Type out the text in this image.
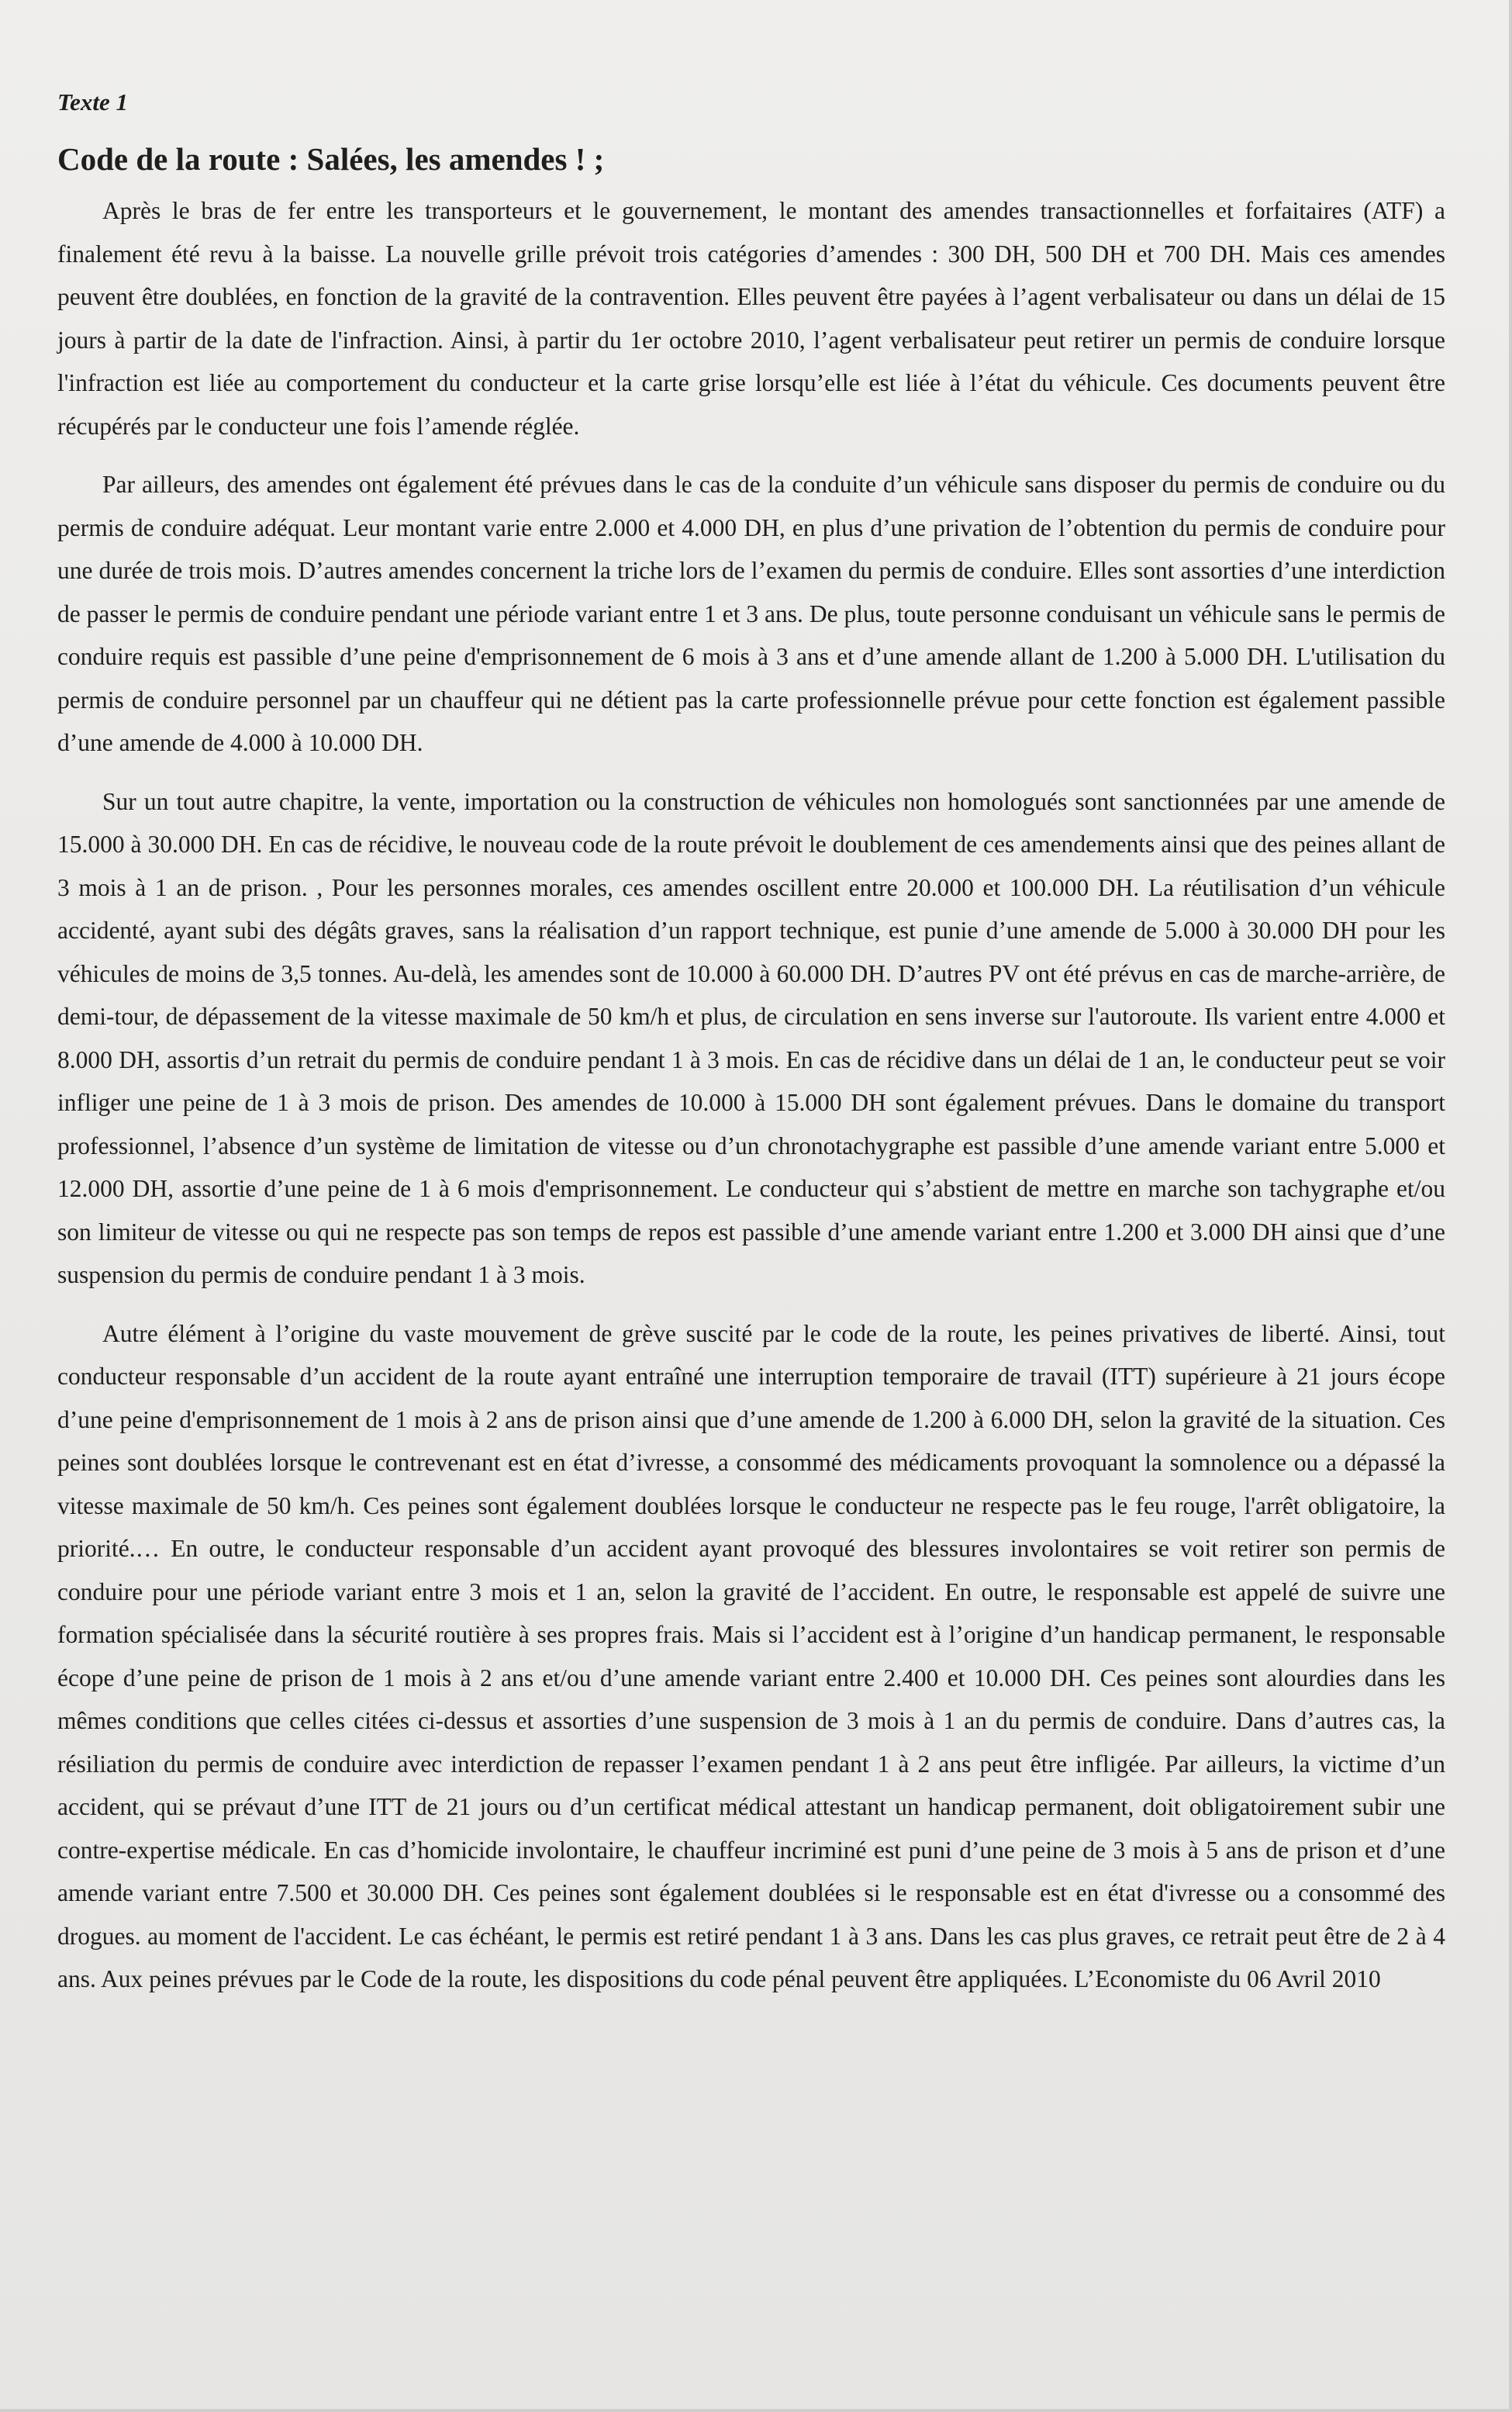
Texte 1
Code de la route : Salées, les amendes ! ;

Après le bras de fer entre les transporteurs et le gouvernement, le montant des amendes transactionnelles et forfaitaires (ATF) a finalement été revu à la baisse. La nouvelle grille prévoit trois catégories d’amendes : 300 DH, 500 DH et 700 DH. Mais ces amendes peuvent être doublées, en fonction de la gravité de la contravention. Elles peuvent être payées à l’agent verbalisateur ou dans un délai de 15 jours à partir de la date de l'infraction. Ainsi, à partir du 1er octobre 2010, l’agent verbalisateur peut retirer un permis de conduire lorsque l'infraction est liée au comportement du conducteur et la carte grise lorsqu’elle est liée à l’état du véhicule. Ces documents peuvent être récupérés par le conducteur une fois l’amende réglée.

Par ailleurs, des amendes ont également été prévues dans le cas de la conduite d’un véhicule sans disposer du permis de conduire ou du permis de conduire adéquat. Leur montant varie entre 2.000 et 4.000 DH, en plus d’une privation de l’obtention du permis de conduire pour une durée de trois mois. D’autres amendes concernent la triche lors de l’examen du permis de conduire. Elles sont assorties d’une interdiction de passer le permis de conduire pendant une période variant entre 1 et 3 ans. De plus, toute personne conduisant un véhicule sans le permis de conduire requis est passible d’une peine d'emprisonnement de 6 mois à 3 ans et d’une amende allant de 1.200 à 5.000 DH. L'utilisation du permis de conduire personnel par un chauffeur qui ne détient pas la carte professionnelle prévue pour cette fonction est également passible d’une amende de 4.000 à 10.000 DH.

Sur un tout autre chapitre, la vente, importation ou la construction de véhicules non homologués sont sanctionnées par une amende de 15.000 à 30.000 DH. En cas de récidive, le nouveau code de la route prévoit le doublement de ces amendements ainsi que des peines allant de 3 mois à 1 an de prison. , Pour les personnes morales, ces amendes oscillent entre 20.000 et 100.000 DH. La réutilisation d’un véhicule accidenté, ayant subi des dégâts graves, sans la réalisation d’un rapport technique, est punie d’une amende de 5.000 à 30.000 DH pour les véhicules de moins de 3,5 tonnes. Au-delà, les amendes sont de 10.000 à 60.000 DH. D’autres PV ont été prévus en cas de marche-arrière, de demi-tour, de dépassement de la vitesse maximale de 50 km/h et plus, de circulation en sens inverse sur l'autoroute. Ils varient entre 4.000 et 8.000 DH, assortis d’un retrait du permis de conduire pendant 1 à 3 mois. En cas de récidive dans un délai de 1 an, le conducteur peut se voir infliger une peine de 1 à 3 mois de prison. Des amendes de 10.000 à 15.000 DH sont également prévues. Dans le domaine du transport professionnel, l’absence d’un système de limitation de vitesse ou d’un chronotachygraphe est passible d’une amende variant entre 5.000 et 12.000 DH, assortie d’une peine de 1 à 6 mois d'emprisonnement. Le conducteur qui s’abstient de mettre en marche son tachygraphe et/ou son limiteur de vitesse ou qui ne respecte pas son temps de repos est passible d’une amende variant entre 1.200 et 3.000 DH ainsi que d’une suspension du permis de conduire pendant 1 à 3 mois.

Autre élément à l’origine du vaste mouvement de grève suscité par le code de la route, les peines privatives de liberté. Ainsi, tout conducteur responsable d’un accident de la route ayant entraîné une interruption temporaire de travail (ITT) supérieure à 21 jours écope d’une peine d'emprisonnement de 1 mois à 2 ans de prison ainsi que d’une amende de 1.200 à 6.000 DH, selon la gravité de la situation. Ces peines sont doublées lorsque le contrevenant est en état d’ivresse, a consommé des médicaments provoquant la somnolence ou a dépassé la vitesse maximale de 50 km/h. Ces peines sont également doublées lorsque le conducteur ne respecte pas le feu rouge, l'arrêt obligatoire, la priorité.… En outre, le conducteur responsable d’un accident ayant provoqué des blessures involontaires se voit retirer son permis de conduire pour une période variant entre 3 mois et 1 an, selon la gravité de l’accident. En outre, le responsable est appelé de suivre une formation spécialisée dans la sécurité routière à ses propres frais. Mais si l’accident est à l’origine d’un handicap permanent, le responsable écope d’une peine de prison de 1 mois à 2 ans et/ou d’une amende variant entre 2.400 et 10.000 DH. Ces peines sont alourdies dans les mêmes conditions que celles citées ci-dessus et assorties d’une suspension de 3 mois à 1 an du permis de conduire. Dans d’autres cas, la résiliation du permis de conduire avec interdiction de repasser l’examen pendant 1 à 2 ans peut être infligée. Par ailleurs, la victime d’un accident, qui se prévaut d’une ITT de 21 jours ou d’un certificat médical attestant un handicap permanent, doit obligatoirement subir une contre-expertise médicale. En cas d’homicide involontaire, le chauffeur incriminé est puni d’une peine de 3 mois à 5 ans de prison et d’une amende variant entre 7.500 et 30.000 DH. Ces peines sont également doublées si le responsable est en état d'ivresse ou a consommé des drogues. au moment de l'accident. Le cas échéant, le permis est retiré pendant 1 à 3 ans. Dans les cas plus graves, ce retrait peut être de 2 à 4 ans. Aux peines prévues par le Code de la route, les dispositions du code pénal peuvent être appliquées. L’Economiste du 06 Avril 2010
